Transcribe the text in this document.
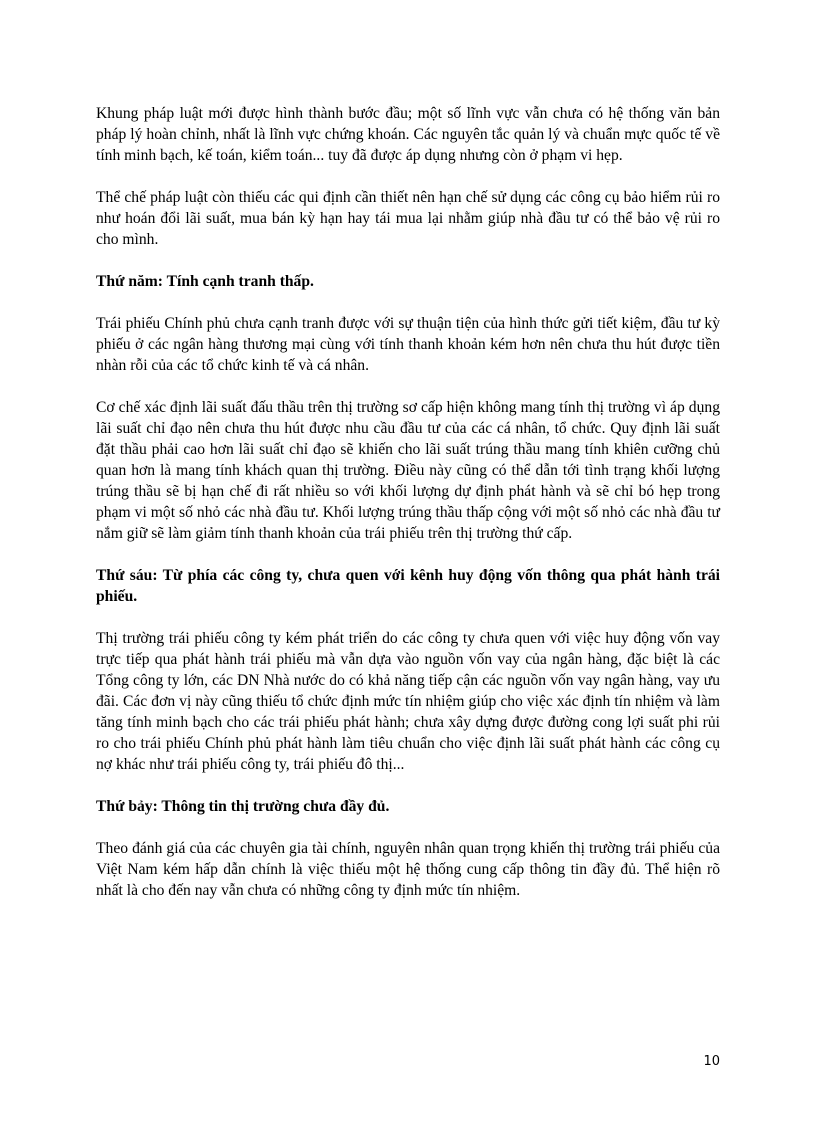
Khung pháp luật mới được hình thành bước đầu; một số lĩnh vực vẫn chưa có hệ thống văn bản pháp lý hoàn chỉnh, nhất là lĩnh vực chứng khoán. Các nguyên tắc quản lý và chuẩn mực quốc tế về tính minh bạch, kế toán, kiểm toán... tuy đã được áp dụng nhưng còn ở phạm vi hẹp.

Thể chế pháp luật còn thiếu các qui định cần thiết nên hạn chế sử dụng các công cụ bảo hiểm rủi ro như hoán đổi lãi suất, mua bán kỳ hạn hay tái mua lại nhằm giúp nhà đầu tư có thể bảo vệ rủi ro cho mình.

Thứ năm: Tính cạnh tranh thấp.

Trái phiếu Chính phủ chưa cạnh tranh được với sự thuận tiện của hình thức gửi tiết kiệm, đầu tư kỳ phiếu ở các ngân hàng thương mại cùng với tính thanh khoản kém hơn nên chưa thu hút được tiền nhàn rỗi của các tổ chức kinh tế và cá nhân.

Cơ chế xác định lãi suất đấu thầu trên thị trường sơ cấp hiện không mang tính thị trường vì áp dụng lãi suất chỉ đạo nên chưa thu hút được nhu cầu đầu tư của các cá nhân, tổ chức. Quy định lãi suất đặt thầu phải cao hơn lãi suất chỉ đạo sẽ khiến cho lãi suất trúng thầu mang tính khiên cưỡng chủ quan hơn là mang tính khách quan thị trường. Điều này cũng có thể dẫn tới tình trạng khối lượng trúng thầu sẽ bị hạn chế đi rất nhiều so với khối lượng dự định phát hành và sẽ chỉ bó hẹp trong phạm vi một số nhỏ các nhà đầu tư. Khối lượng trúng thầu thấp cộng với một số nhỏ các nhà đầu tư nắm giữ sẽ làm giảm tính thanh khoản của trái phiếu trên thị trường thứ cấp.

Thứ sáu: Từ phía các công ty, chưa quen với kênh huy động vốn thông qua phát hành trái phiếu.

Thị trường trái phiếu công ty kém phát triển do các công ty chưa quen với việc huy động vốn vay trực tiếp qua phát hành trái phiếu mà vẫn dựa vào nguồn vốn vay của ngân hàng, đặc biệt là các Tổng công ty lớn, các DN Nhà nước do có khả năng tiếp cận các nguồn vốn vay ngân hàng, vay ưu đãi. Các đơn vị này cũng thiếu tổ chức định mức tín nhiệm giúp cho việc xác định tín nhiệm và làm tăng tính minh bạch cho các trái phiếu phát hành; chưa xây dựng được đường cong lợi suất phi rủi ro cho trái phiếu Chính phủ phát hành làm tiêu chuẩn cho việc định lãi suất phát hành các công cụ nợ khác như trái phiếu công ty, trái phiếu đô thị...

Thứ bảy: Thông tin thị trường chưa đầy đủ.

Theo đánh giá của các chuyên gia tài chính, nguyên nhân quan trọng khiến thị trường trái phiếu của Việt Nam kém hấp dẫn chính là việc thiếu một hệ thống cung cấp thông tin đầy đủ. Thể hiện rõ nhất là cho đến nay vẫn chưa có những công ty định mức tín nhiệm.

10
